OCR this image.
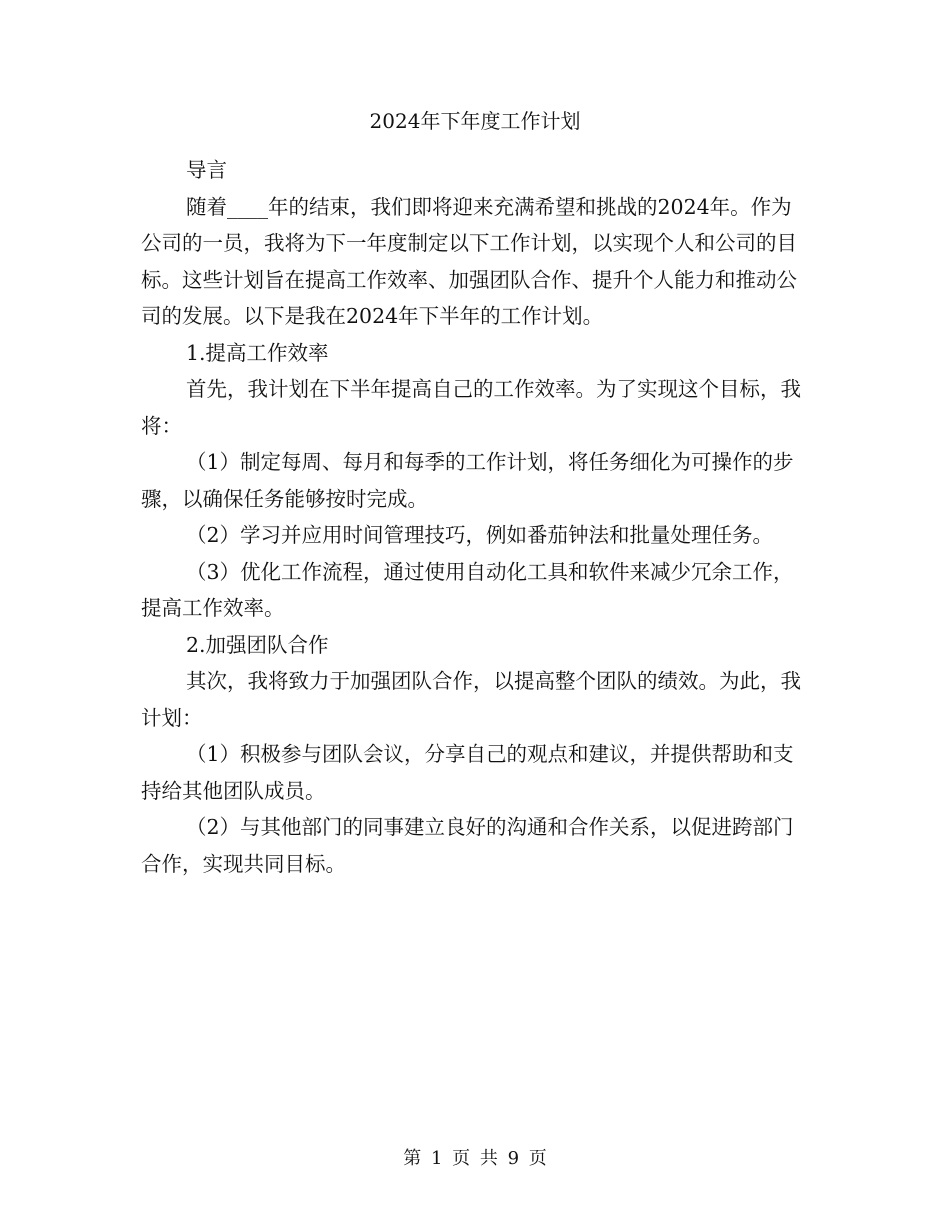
2024年下年度工作计划

导言

随着____年的结束，我们即将迎来充满希望和挑战的2024年。作为公司的一员，我将为下一年度制定以下工作计划，以实现个人和公司的目标。这些计划旨在提高工作效率、加强团队合作、提升个人能力和推动公司的发展。以下是我在2024年下半年的工作计划。

1.提高工作效率

首先，我计划在下半年提高自己的工作效率。为了实现这个目标，我将：

（1）制定每周、每月和每季的工作计划，将任务细化为可操作的步骤，以确保任务能够按时完成。

（2）学习并应用时间管理技巧，例如番茄钟法和批量处理任务。

（3）优化工作流程，通过使用自动化工具和软件来减少冗余工作，提高工作效率。

2.加强团队合作

其次，我将致力于加强团队合作，以提高整个团队的绩效。为此，我计划：

（1）积极参与团队会议，分享自己的观点和建议，并提供帮助和支持给其他团队成员。

（2）与其他部门的同事建立良好的沟通和合作关系，以促进跨部门合作，实现共同目标。

第 1 页 共 9 页
